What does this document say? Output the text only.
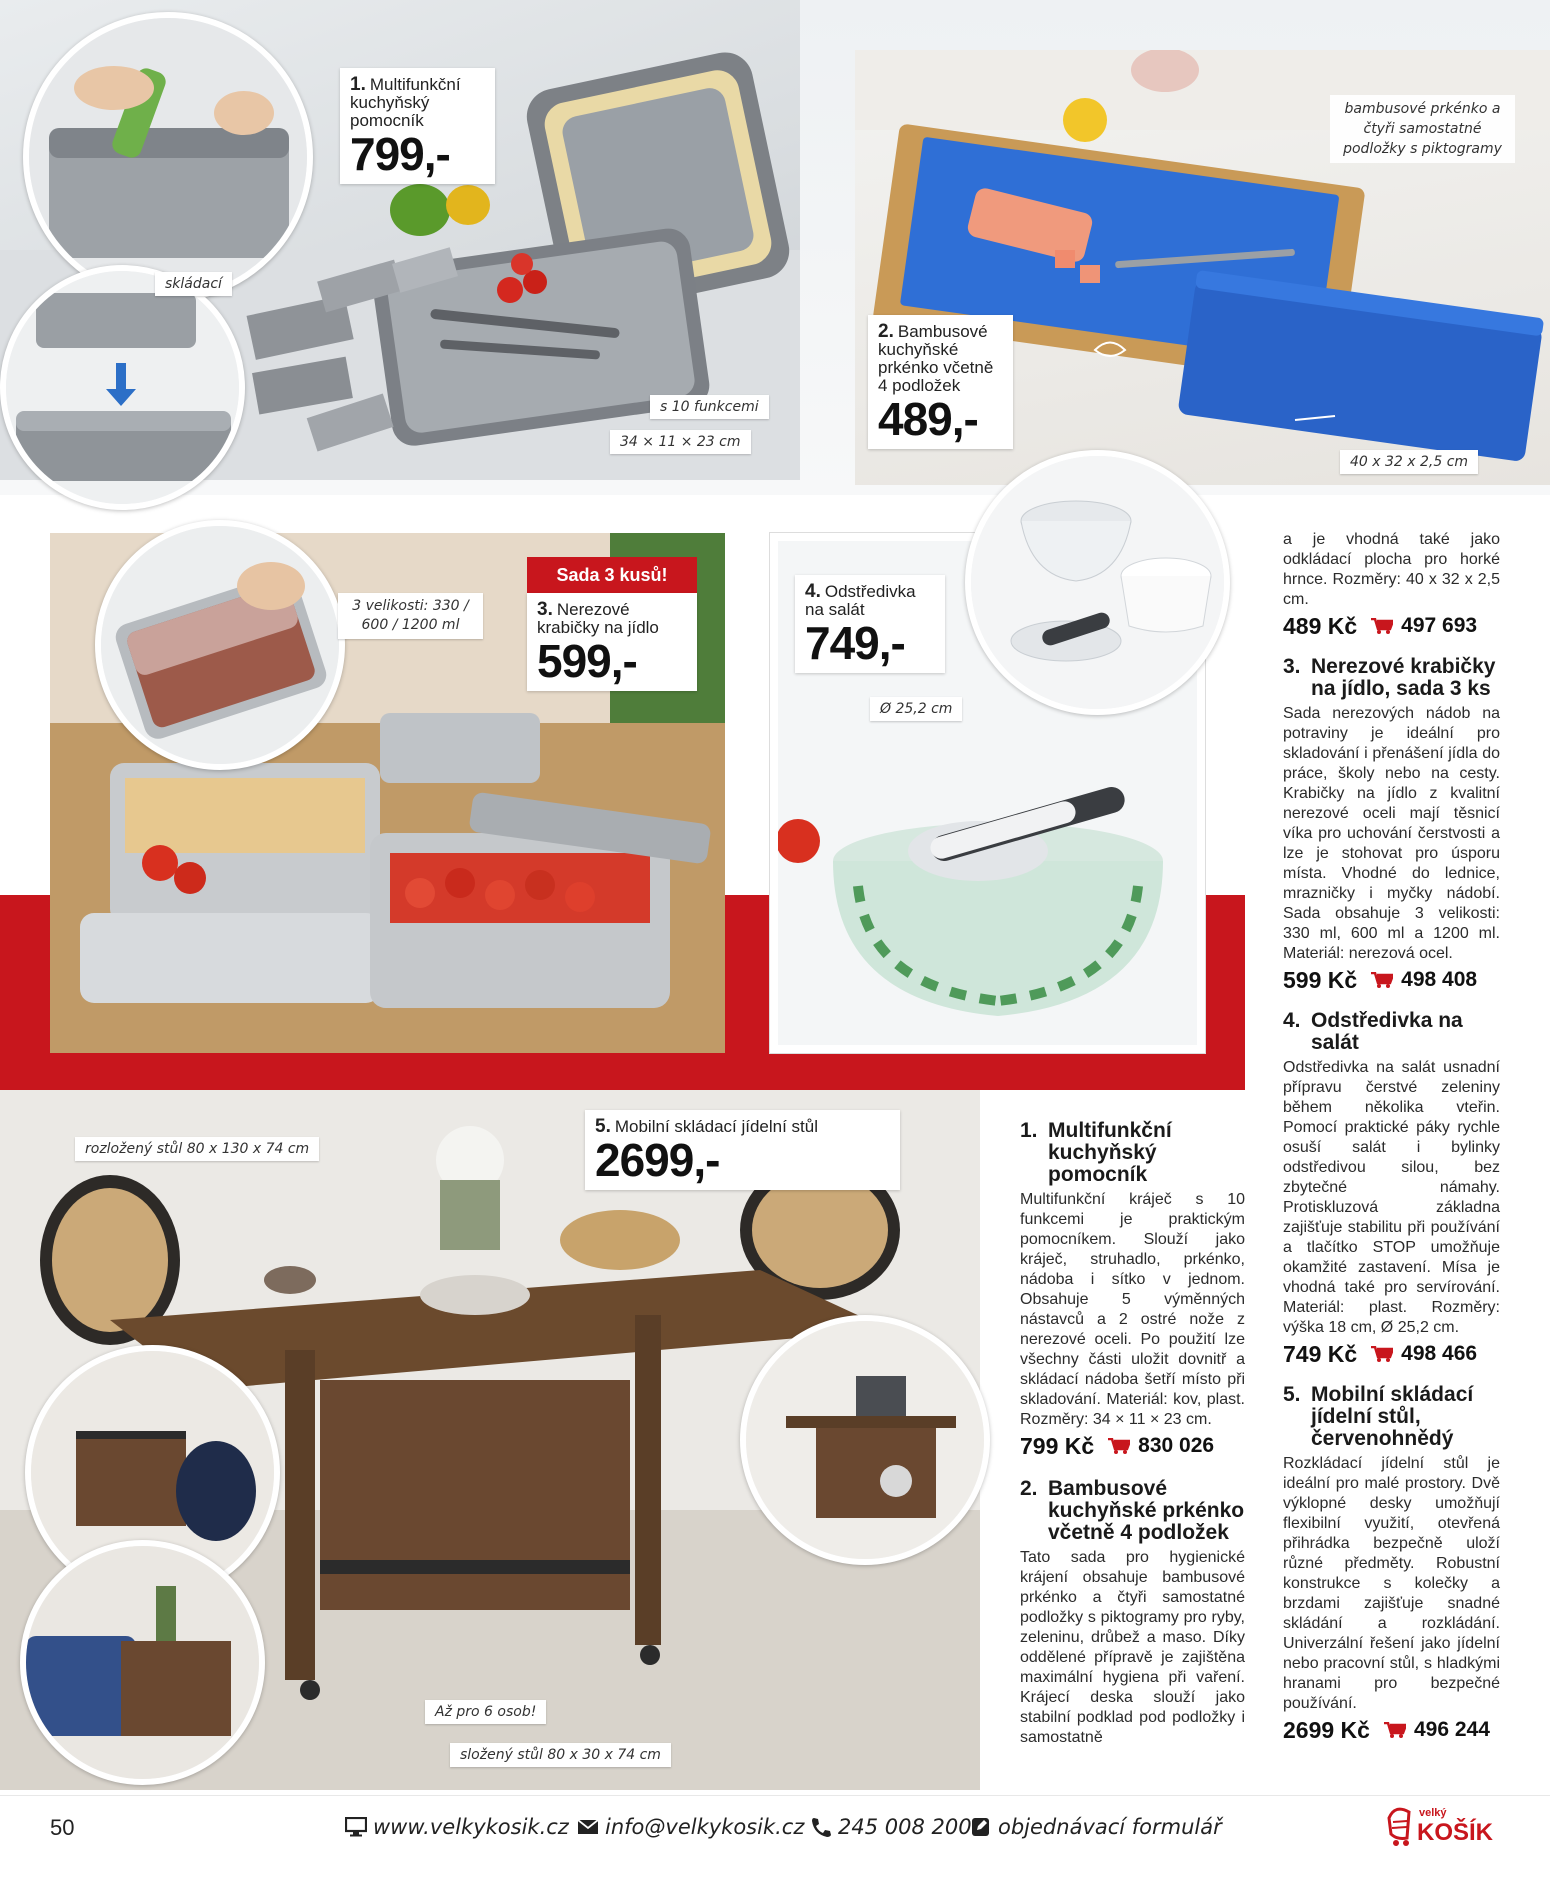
skládací
s 10 funkcemi
34 × 11 × 23 cm
1. Multifunkční kuchyňský pomocník
799,-
bambusové prkénko a čtyři samostatné podložky s piktogramy
40 x 32 x 2,5 cm
2. Bambusové kuchyňské prkénko včetně 4 podložek
489,-
3 velikosti: 330 / 600 / 1200 ml
Sada 3 kusů!
3. Nerezové krabičky na jídlo
599,-
Ø 25,2 cm
4. Odstředivka na salát
749,-
rozložený stůl 80 x 130 x 74 cm
Až pro 6 osob!
složený stůl 80 x 30 x 74 cm
5. Mobilní skládací jídelní stůl
2699,-
1. Multifunkční kuchyňský pomocník
Multifunkční kráječ s 10 funkcemi je praktickým pomocníkem. Slouží jako kráječ, struhadlo, prkénko, nádoba i sítko v jednom. Obsahuje 5 výměnných nástavců a 2 ostré nože z nerezové oceli. Po použití lze všechny části uložit dovnitř a skládací nádoba šetří místo při skladování. Materiál: kov, plast. Rozměry: 34 × 11 × 23 cm.
799 Kč 830 026
2. Bambusové kuchyňské prkénko včetně 4 podložek
Tato sada pro hygienické krájení obsahuje bambusové prkénko a čtyři samostatné podložky s piktogramy pro ryby, zeleninu, drůbež a maso. Díky oddělené přípravě je zajištěna maximální hygiena při vaření. Krájecí deska slouží jako stabilní podklad pod podložky i samostatně
a je vhodná také jako odkládací plocha pro horké hrnce. Rozměry: 40 x 32 x 2,5 cm.
489 Kč 497 693
3. Nerezové krabičky na jídlo, sada 3 ks
Sada nerezových nádob na potraviny je ideální pro skladování i přenášení jídla do práce, školy nebo na cesty. Krabičky na jídlo z kvalitní nerezové oceli mají těsnicí víka pro uchování čerstvosti a lze je stohovat pro úsporu místa. Vhodné do lednice, mrazničky i myčky nádobí. Sada obsahuje 3 velikosti: 330 ml, 600 ml a 1200 ml. Materiál: nerezová ocel.
599 Kč 498 408
4. Odstředivka na salát
Odstředivka na salát usnadní přípravu čerstvé zeleniny během několika vteřin. Pomocí praktické páky rychle osuší salát i bylinky odstředivou silou, bez zbytečné námahy. Protiskluzová základna zajišťuje stabilitu při používání a tlačítko STOP umožňuje okamžité zastavení. Mísa je vhodná také pro servírování. Materiál: plast. Rozměry: výška 18 cm, Ø 25,2 cm.
749 Kč 498 466
5. Mobilní skládací jídelní stůl, červenohnědý
Rozkládací jídelní stůl je ideální pro malé prostory. Dvě výklopné desky umožňují flexibilní využití, otevřená přihrádka bezpečně uloží různé předměty. Robustní konstrukce s kolečky a brzdami zajišťuje snadné skládání a rozkládání. Univerzální řešení jako jídelní nebo pracovní stůl, s hladkými hranami pro bezpečné používání.
2699 Kč 496 244
50	www.velkykosik.cz info@velkykosik.cz 245 008 200 objednávací formulář
velký
KOŠÍK
